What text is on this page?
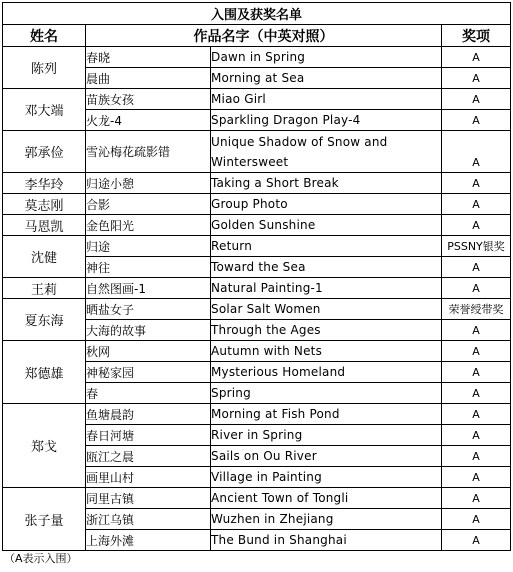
入围及获奖名单			
姓名	作品名字（中英对照）		奖项
陈列	春晓	Dawn in Spring	A
	晨曲	Morning at Sea	A
邓大端	苗族女孩	Miao Girl	A
	火龙-4	Sparkling Dragon Play-4	A
郭承俭	雪沁梅花疏影错	Unique Shadow of Snow and Wintersweet	A
李华玲	归途小憩	Taking a Short Break	A
莫志刚	合影	Group Photo	A
马恩凯	金色阳光	Golden Sunshine	A
沈健	归途	Return	PSSNY银奖
	神往	Toward the Sea	A
王莉	自然图画-1	Natural Painting-1	A
夏东海	晒盐女子	Solar Salt Women	荣誉绶带奖
	大海的故事	Through the Ages	A
郑德雄	秋网	Autumn with Nets	A
	神秘家园	Mysterious Homeland	A
	春	Spring	A
郑戈	鱼塘晨韵	Morning at Fish Pond	A
	春日河塘	River in Spring	A
	瓯江之晨	Sails on Ou River	A
	画里山村	Village in Painting	A
张子量	同里古镇	Ancient Town of Tongli	A
	浙江乌镇	Wuzhen in Zhejiang	A
	上海外滩	The Bund in Shanghai	A
（A表示入围）
